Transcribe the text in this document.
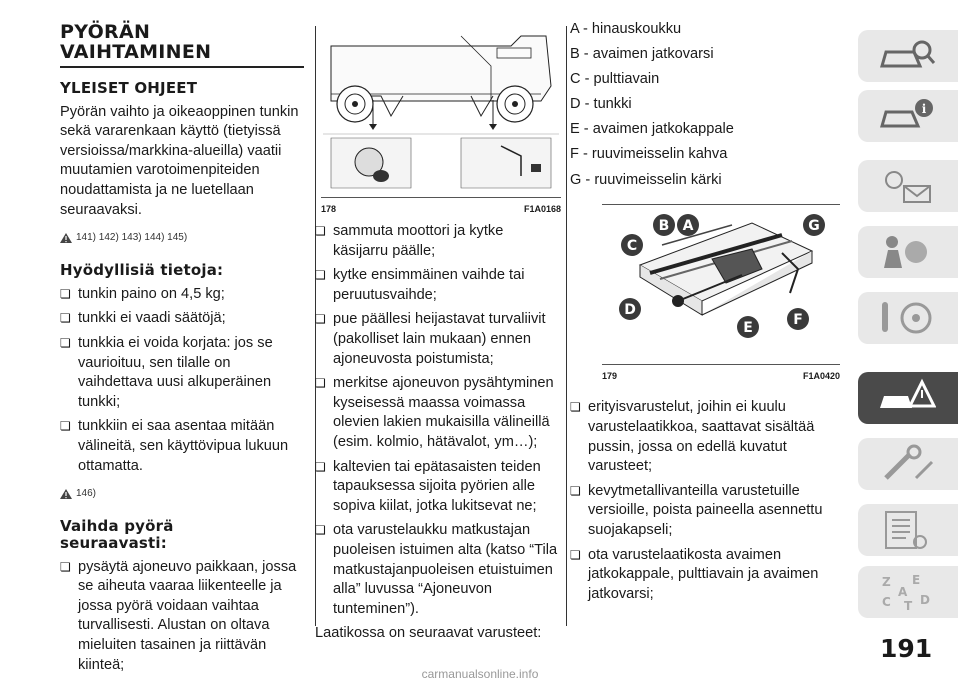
PYÖRÄN
VAIHTAMINEN
YLEISET OHJEET

Pyörän vaihto ja oikeaoppinen tunkin sekä vararenkaan käyttö (tietyissä versioissa/markkina-alueilla) vaatii muutamien varotoimenpiteiden noudattamista ja ne luetellaan seuraavaksi.

141) 142) 143) 144) 145)
Hyödyllisiä tietoja:
❏ tunkin paino on 4,5 kg;
❏ tunkki ei vaadi säätöjä;
❏ tunkkia ei voida korjata: jos se vaurioituu, sen tilalle on vaihdettava uusi alkuperäinen tunkki;
❏ tunkkiin ei saa asentaa mitään välineitä, sen käyttövipua lukuun ottamatta.
146)
Vaihda pyörä
seuraavasti:
❏ pysäytä ajoneuvo paikkaan, jossa se aiheuta vaaraa liikenteelle ja jossa pyörä voidaan vaihtaa turvallisesti. Alustan on oltava mieluiten tasainen ja riittävän kiinteä;
178	F1A0168
❏ sammuta moottori ja kytke käsijarru päälle;
❏ kytke ensimmäinen vaihde tai peruutusvaihde;
❏ pue päällesi heijastavat turvaliivit (pakolliset lain mukaan) ennen ajoneuvosta poistumista;
❏ merkitse ajoneuvon pysähtyminen kyseisessä maassa voimassa olevien lakien mukaisilla välineillä (esim. kolmio, hätävalot, ym…);
❏ kaltevien tai epätasaisten teiden tapauksessa sijoita pyörien alle sopiva kiilat, jotka lukitsevat ne;
❏ ota varustelaukku matkustajan puoleisen istuimen alta (katso “Tila matkustajanpuoleisen etuistuimen alla” luvussa “Ajoneuvon tunteminen”).

Laatikossa on seuraavat varusteet:

A - hinauskoukku

B - avaimen jatkovarsi

C - pulttiavain

D - tunkki

E - avaimen jatkokappale

F - ruuvimeisselin kahva

G - ruuvimeisselin kärki

A
B
C
D
E	F
G
179	F1A0420
❏ erityisvarustelut, joihin ei kuulu varustelaatikkoa, saattavat sisältää pussin, jossa on edellä kuvatut varusteet;
❏ kevytmetallivanteilla varustetuille versioille, poista paineella asennettu suojakapseli;
❏ ota varustelaatikosta avaimen jatkokappale, pulttiavain ja avaimen jatkovarsi;
i
Z E
A
C T D
191
carmanualsonline.info
